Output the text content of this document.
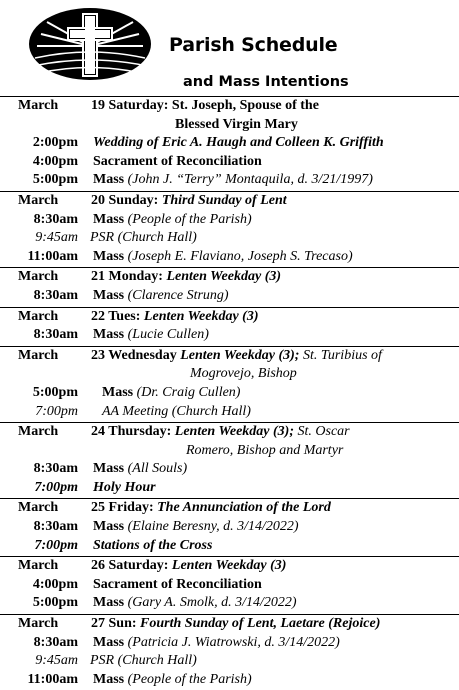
Parish Schedule
and Mass Intentions
March 19 Saturday: St. Joseph, Spouse of the
Blessed Virgin Mary
2:00pm Wedding of Eric A. Haugh and Colleen K. Griffith
4:00pm Sacrament of Reconciliation
5:00pm Mass (John J. “Terry” Montaquila, d. 3/21/1997)
March 20 Sunday: Third Sunday of Lent
8:30am Mass (People of the Parish)
9:45am PSR (Church Hall)
11:00am Mass (Joseph E. Flaviano, Joseph S. Trecaso)
March 21 Monday: Lenten Weekday (3)
8:30am Mass (Clarence Strung)
March 22 Tues: Lenten Weekday (3)
8:30am Mass (Lucie Cullen)
March 23 Wednesday Lenten Weekday (3); St. Turibius of
Mogrovejo, Bishop
5:00pm Mass (Dr. Craig Cullen)
7:00pm AA Meeting (Church Hall)
March 24 Thursday: Lenten Weekday (3); St. Oscar
Romero, Bishop and Martyr
8:30am Mass (All Souls)
7:00pm Holy Hour
March 25 Friday: The Annunciation of the Lord
8:30am Mass (Elaine Beresny, d. 3/14/2022)
7:00pm Stations of the Cross
March 26 Saturday: Lenten Weekday (3)
4:00pm Sacrament of Reconciliation
5:00pm Mass (Gary A. Smolk, d. 3/14/2022)
March 27 Sun: Fourth Sunday of Lent, Laetare (Rejoice)
8:30am Mass (Patricia J. Wiatrowski, d. 3/14/2022)
9:45am PSR (Church Hall)
11:00am Mass (People of the Parish)
